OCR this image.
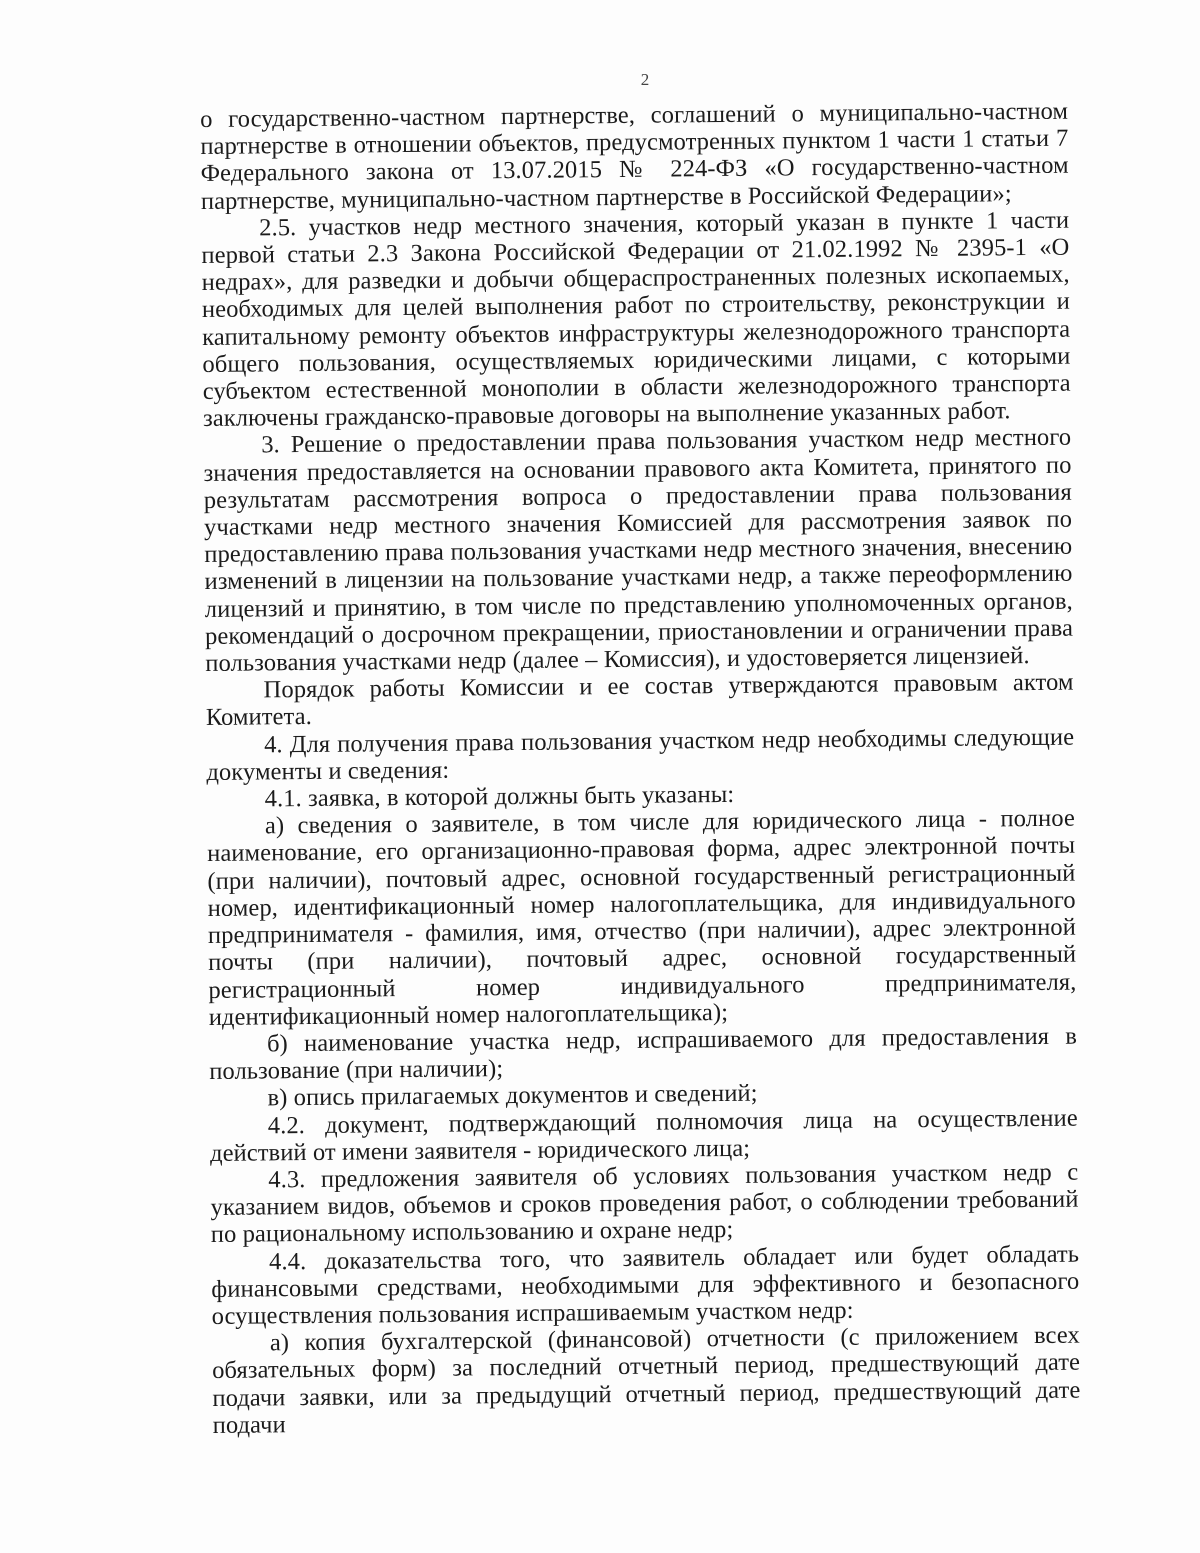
2

о государственно-частном партнерстве, соглашений о муниципально-частном партнерстве в отношении объектов, предусмотренных пунктом 1 части 1 статьи 7 Федерального закона от 13.07.2015 № 224-ФЗ «О государственно-частном партнерстве, муниципально-частном партнерстве в Российской Федерации»;

2.5. участков недр местного значения, который указан в пункте 1 части первой статьи 2.3 Закона Российской Федерации от 21.02.1992 № 2395-1 «О недрах», для разведки и добычи общераспространенных полезных ископаемых, необходимых для целей выполнения работ по строительству, реконструкции и капитальному ремонту объектов инфраструктуры железнодорожного транспорта общего пользования, осуществляемых юридическими лицами, с которыми субъектом естественной монополии в области железнодорожного транспорта заключены гражданско-правовые договоры на выполнение указанных работ.

3. Решение о предоставлении права пользования участком недр местного значения предоставляется на основании правового акта Комитета, принятого по результатам рассмотрения вопроса о предоставлении права пользования участками недр местного значения Комиссией для рассмотрения заявок по предоставлению права пользования участками недр местного значения, внесению изменений в лицензии на пользование участками недр, а также переоформлению лицензий и принятию, в том числе по представлению уполномоченных органов, рекомендаций о досрочном прекращении, приостановлении и ограничении права пользования участками недр (далее – Комиссия), и удостоверяется лицензией.

Порядок работы Комиссии и ее состав утверждаются правовым актом Комитета.

4. Для получения права пользования участком недр необходимы следующие документы и сведения:

4.1. заявка, в которой должны быть указаны:

а) сведения о заявителе, в том числе для юридического лица - полное наименование, его организационно-правовая форма, адрес электронной почты (при наличии), почтовый адрес, основной государственный регистрационный номер, идентификационный номер налогоплательщика, для индивидуального предпринимателя - фамилия, имя, отчество (при наличии), адрес электронной почты (при наличии), почтовый адрес, основной государственный регистрационный номер индивидуального предпринимателя, идентификационный номер налогоплательщика);

б) наименование участка недр, испрашиваемого для предоставления в пользование (при наличии);

в) опись прилагаемых документов и сведений;

4.2. документ, подтверждающий полномочия лица на осуществление действий от имени заявителя - юридического лица;

4.3. предложения заявителя об условиях пользования участком недр с указанием видов, объемов и сроков проведения работ, о соблюдении требований по рациональному использованию и охране недр;

4.4. доказательства того, что заявитель обладает или будет обладать финансовыми средствами, необходимыми для эффективного и безопасного осуществления пользования испрашиваемым участком недр:

а) копия бухгалтерской (финансовой) отчетности (с приложением всех обязательных форм) за последний отчетный период, предшествующий дате подачи заявки, или за предыдущий отчетный период, предшествующий дате подачи
